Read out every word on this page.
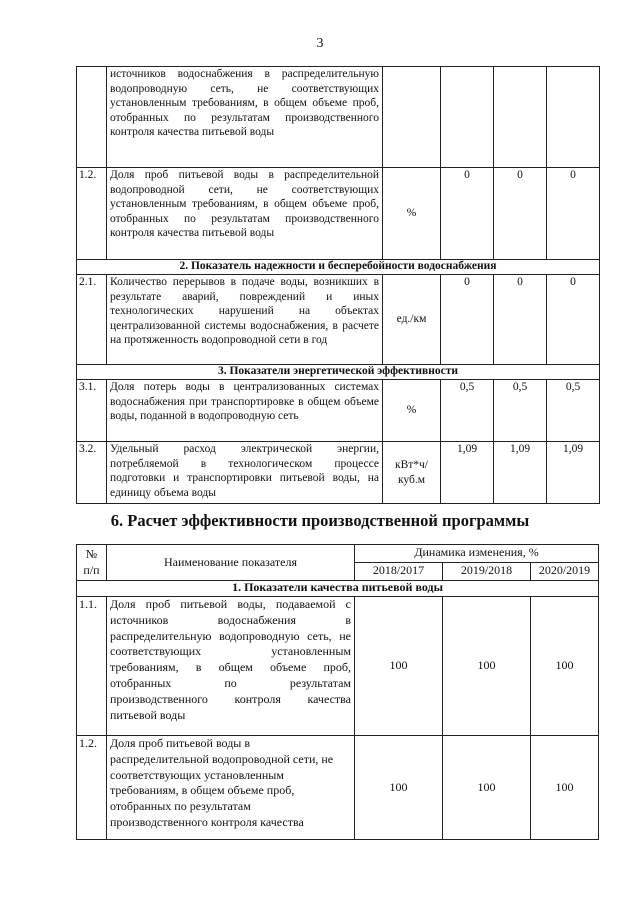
3
	источников водоснабжения в распределительную водопроводную сеть, не соответствующих установленным требованиям, в общем объеме проб, отобранных по результатам производственного контроля качества питьевой воды				
1.2.	Доля проб питьевой воды в распределительной водопроводной сети, не соответствующих установленным требованиям, в общем объеме проб, отобранных по результатам производственного контроля качества питьевой воды	%	0	0	0
2. Показатель надежности и бесперебойности водоснабжения					
2.1.	Количество перерывов в подаче воды, возникших в результате аварий, повреждений и иных технологических нарушений на объектах централизованной системы водоснабжения, в расчете на протяженность водопроводной сети в год	ед./км	0	0	0
3. Показатели энергетической эффективности					
3.1.	Доля потерь воды в централизованных системах водоснабжения при транспортировке в общем объеме воды, поданной в водопроводную сеть	%	0,5	0,5	0,5
3.2.	Удельный расход электрической энергии, потребляемой в технологическом процессе подготовки и транспортировки питьевой воды, на единицу объема воды	кВт*ч/ куб.м	1,09	1,09	1,09
6. Расчет эффективности производственной программы
№ п/п	Наименование показателя	Динамика изменения, %		
		2018/2017	2019/2018	2020/2019
1. Показатели качества питьевой воды				
1.1.	Доля проб питьевой воды, подаваемой с источников водоснабжения в распределительную водопроводную сеть, не соответствующих установленным требованиям, в общем объеме проб, отобранных по результатам производственного контроля качества питьевой воды	100	100	100
1.2.	Доля проб питьевой воды в распределительной водопроводной сети, не соответствующих установленным требованиям, в общем объеме проб, отобранных по результатам производственного контроля качества	100	100	100
